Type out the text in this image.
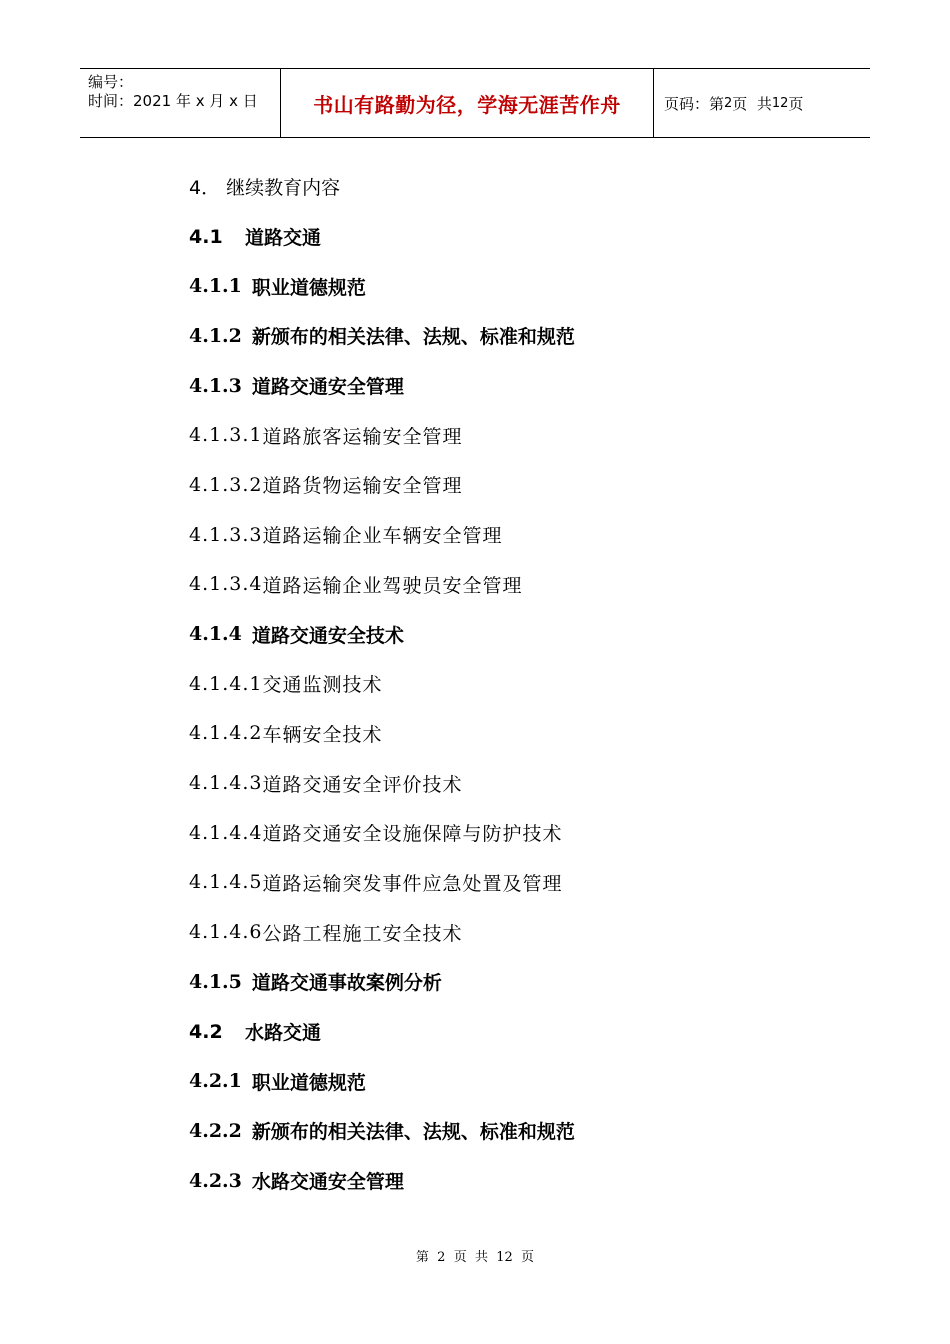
编号：
时间：2021 年 x 月 x 日	书山有路勤为径，学海无涯苦作舟	页码：第 2 页  共 12 页
4． 继续教育内容
4.1	道路交通
4.1.1 职业道德规范
4.1.2 新颁布的相关法律、法规、标准和规范
4.1.3 道路交通安全管理
4.1.3.1 道路旅客运输安全管理
4.1.3.2 道路货物运输安全管理
4.1.3.3 道路运输企业车辆安全管理
4.1.3.4 道路运输企业驾驶员安全管理
4.1.4 道路交通安全技术
4.1.4.1 交通监测技术
4.1.4.2 车辆安全技术
4.1.4.3 道路交通安全评价技术
4.1.4.4 道路交通安全设施保障与防护技术
4.1.4.5 道路运输突发事件应急处置及管理
4.1.4.6 公路工程施工安全技术
4.1.5 道路交通事故案例分析
4.2	水路交通
4.2.1 职业道德规范
4.2.2 新颁布的相关法律、法规、标准和规范
4.2.3 水路交通安全管理
第  2  页  共  12  页
